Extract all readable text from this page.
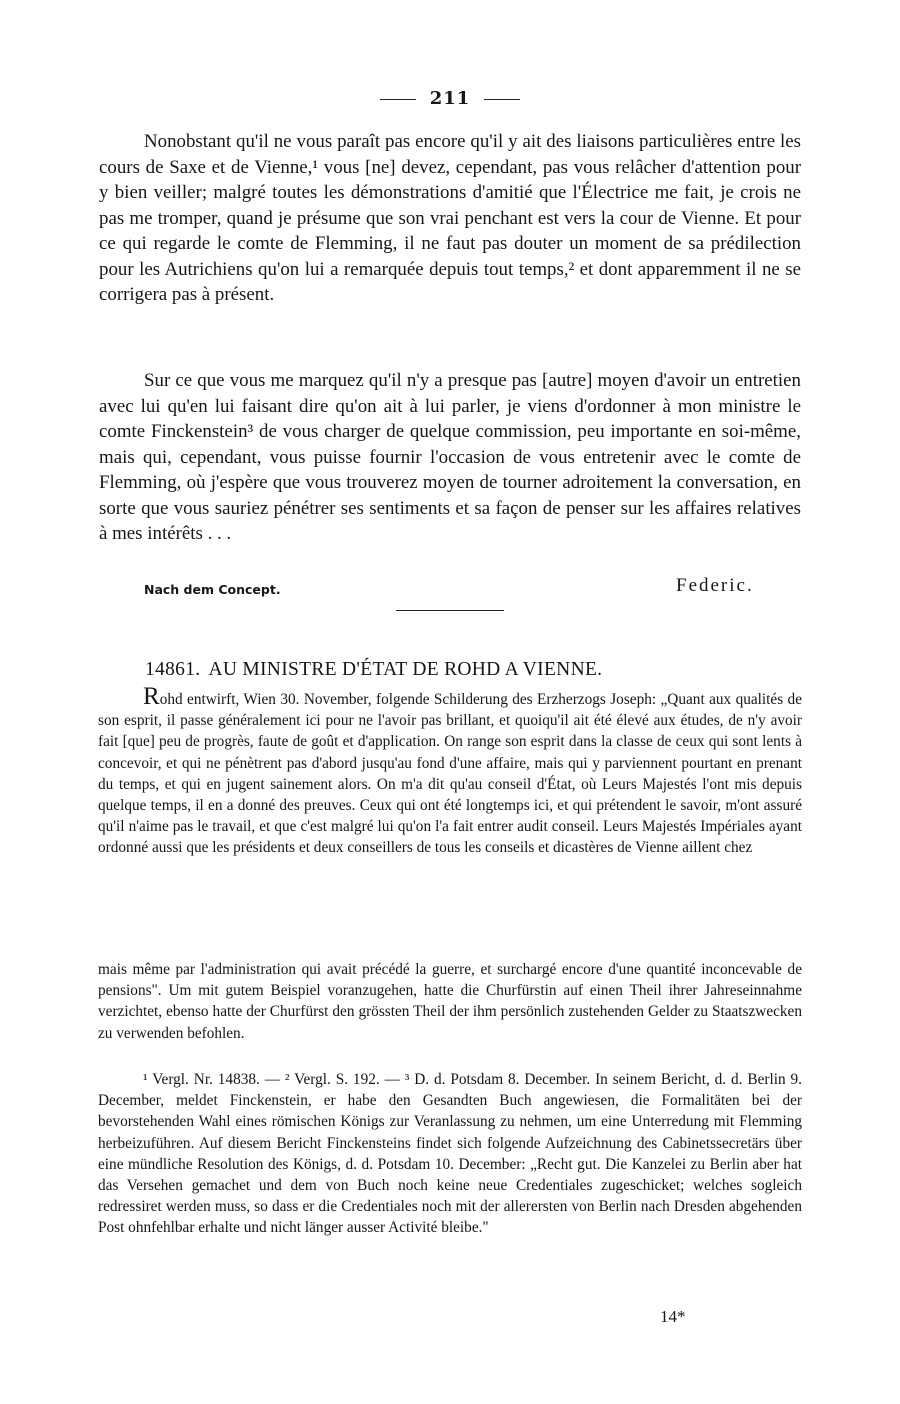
211

Nonobstant qu'il ne vous paraît pas encore qu'il y ait des liaisons particulières entre les cours de Saxe et de Vienne,¹ vous [ne] devez, cependant, pas vous relâcher d'attention pour y bien veiller; malgré toutes les démonstrations d'amitié que l'Électrice me fait, je crois ne pas me tromper, quand je présume que son vrai penchant est vers la cour de Vienne. Et pour ce qui regarde le comte de Flemming, il ne faut pas douter un moment de sa prédilection pour les Autrichiens qu'on lui a remarquée depuis tout temps,² et dont apparemment il ne se corrigera pas à présent.

Sur ce que vous me marquez qu'il n'y a presque pas [autre] moyen d'avoir un entretien avec lui qu'en lui faisant dire qu'on ait à lui parler, je viens d'ordonner à mon ministre le comte Finckenstein³ de vous charger de quelque commission, peu importante en soi-même, mais qui, cependant, vous puisse fournir l'occasion de vous entretenir avec le comte de Flemming, où j'espère que vous trouverez moyen de tourner adroitement la conversation, en sorte que vous sauriez pénétrer ses sentiments et sa façon de penser sur les affaires relatives à mes intérêts . . .

Nach dem Concept.	Federic.
14861. AU MINISTRE D'ÉTAT DE ROHD A VIENNE.

Rohd entwirft, Wien 30. November, folgende Schilderung des Erzherzogs Joseph: „Quant aux qualités de son esprit, il passe généralement ici pour ne l'avoir pas brillant, et quoiqu'il ait été élevé aux études, de n'y avoir fait [que] peu de progrès, faute de goût et d'application. On range son esprit dans la classe de ceux qui sont lents à concevoir, et qui ne pénètrent pas d'abord jusqu'au fond d'une affaire, mais qui y parviennent pourtant en prenant du temps, et qui en jugent sainement alors. On m'a dit qu'au conseil d'État, où Leurs Majestés l'ont mis depuis quelque temps, il en a donné des preuves. Ceux qui ont été longtemps ici, et qui prétendent le savoir, m'ont assuré qu'il n'aime pas le travail, et que c'est malgré lui qu'on l'a fait entrer audit conseil. Leurs Majestés Impériales ayant ordonné aussi que les présidents et deux conseillers de tous les conseils et dicastères de Vienne aillent chez

mais même par l'administration qui avait précédé la guerre, et surchargé encore d'une quantité inconcevable de pensions". Um mit gutem Beispiel voranzugehen, hatte die Churfürstin auf einen Theil ihrer Jahreseinnahme verzichtet, ebenso hatte der Churfürst den grössten Theil der ihm persönlich zustehenden Gelder zu Staatszwecken zu verwenden befohlen.

¹ Vergl. Nr. 14838. — ² Vergl. S. 192. — ³ D. d. Potsdam 8. December. In seinem Bericht, d. d. Berlin 9. December, meldet Finckenstein, er habe den Gesandten Buch angewiesen, die Formalitäten bei der bevorstehenden Wahl eines römischen Königs zur Veranlassung zu nehmen, um eine Unterredung mit Flemming herbeizuführen. Auf diesem Bericht Finckensteins findet sich folgende Aufzeichnung des Cabinetssecretärs über eine mündliche Resolution des Königs, d. d. Potsdam 10. December: „Recht gut. Die Kanzelei zu Berlin aber hat das Versehen gemachet und dem von Buch noch keine neue Credentiales zugeschicket; welches sogleich redressiret werden muss, so dass er die Credentiales noch mit der allerersten von Berlin nach Dresden abgehenden Post ohnfehlbar erhalte und nicht länger ausser Activité bleibe."

14*
